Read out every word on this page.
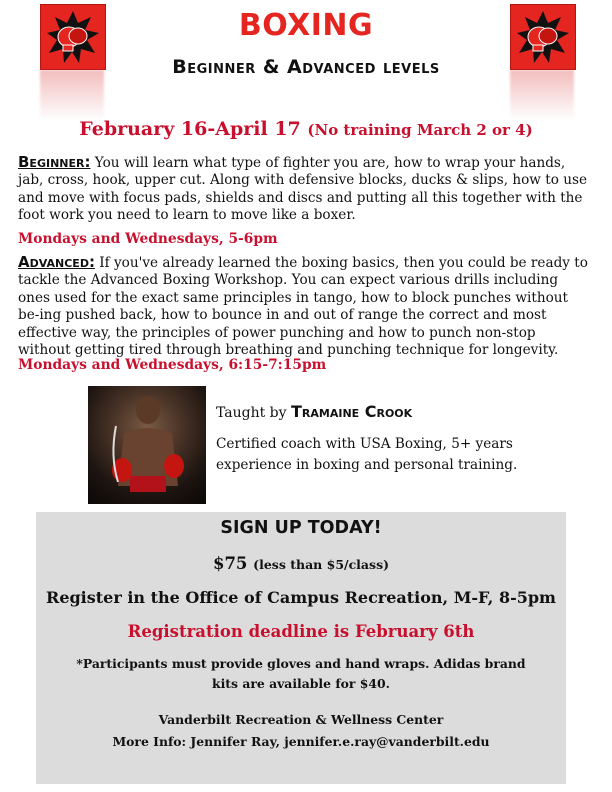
BOXING
Beginner & Advanced levels
February 16-April 17 (No training March 2 or 4)
Beginner: You will learn what type of fighter you are, how to wrap your hands, jab, cross, hook, upper cut. Along with defensive blocks, ducks & slips, how to use and move with focus pads, shields and discs and putting all this together with the foot work you need to learn to move like a boxer.
Mondays and Wednesdays, 5-6pm
Advanced: If you've already learned the boxing basics, then you could be ready to tackle the Advanced Boxing Workshop. You can expect various drills including ones used for the exact same principles in tango, how to block punches without be-ing pushed back, how to bounce in and out of range the correct and most effective way, the principles of power punching and how to punch non-stop without getting tired through breathing and punching technique for longevity.
Mondays and Wednesdays, 6:15-7:15pm
Taught by Tramaine Crook
Certified coach with USA Boxing, 5+ years experience in boxing and personal training.
SIGN UP TODAY!
$75 (less than $5/class)
Register in the Office of Campus Recreation, M-F, 8-5pm
Registration deadline is February 6th
*Participants must provide gloves and hand wraps. Adidas brand kits are available for $40.
Vanderbilt Recreation & Wellness Center
More Info: Jennifer Ray, jennifer.e.ray@vanderbilt.edu
